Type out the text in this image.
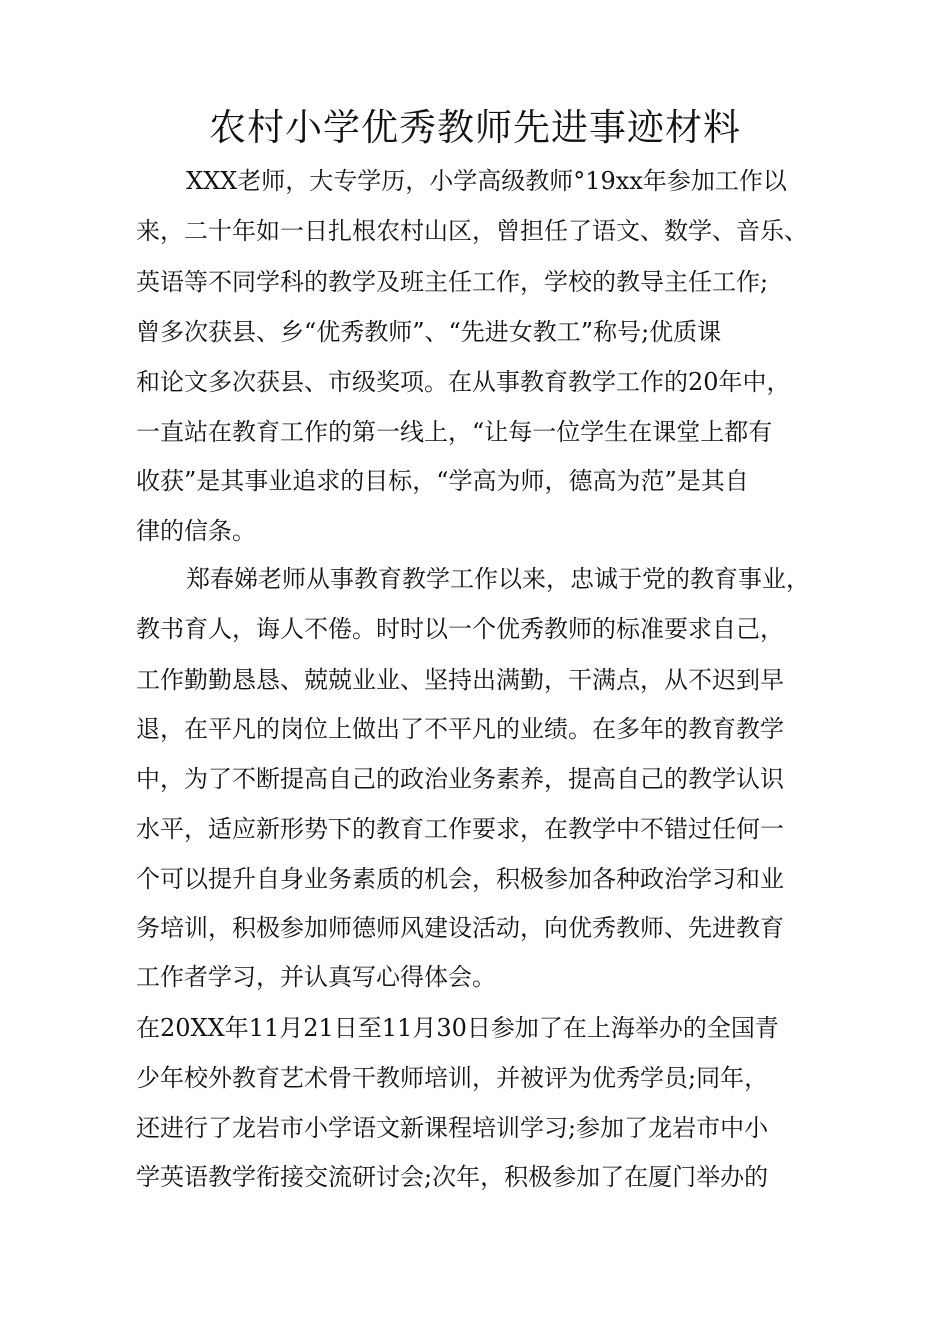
农村小学优秀教师先进事迹材料

XXX老师，大专学历，小学高级教师°19xx年参加工作以

来，二十年如一日扎根农村山区，曾担任了语文、数学、音乐、

英语等不同学科的教学及班主任工作，学校的教导主任工作;

曾多次获县、乡“优秀教师”、“先进女教工”称号;优质课

和论文多次获县、市级奖项。在从事教育教学工作的20年中，

一直站在教育工作的第一线上，“让每一位学生在课堂上都有

收获”是其事业追求的目标，“学高为师，德高为范”是其自

律的信条。

郑春娣老师从事教育教学工作以来，忠诚于党的教育事业，

教书育人，诲人不倦。时时以一个优秀教师的标准要求自己，

工作勤勤恳恳、兢兢业业、坚持出满勤，干满点，从不迟到早

退，在平凡的岗位上做出了不平凡的业绩。在多年的教育教学

中，为了不断提高自己的政治业务素养，提高自己的教学认识

水平，适应新形势下的教育工作要求，在教学中不错过任何一

个可以提升自身业务素质的机会，积极参加各种政治学习和业

务培训，积极参加师德师风建设活动，向优秀教师、先进教育

工作者学习，并认真写心得体会。

在20XX年11月21日至11月30日参加了在上海举办的全国青

少年校外教育艺术骨干教师培训，并被评为优秀学员;同年，

还进行了龙岩市小学语文新课程培训学习;参加了龙岩市中小

学英语教学衔接交流研讨会;次年，积极参加了在厦门举办的
